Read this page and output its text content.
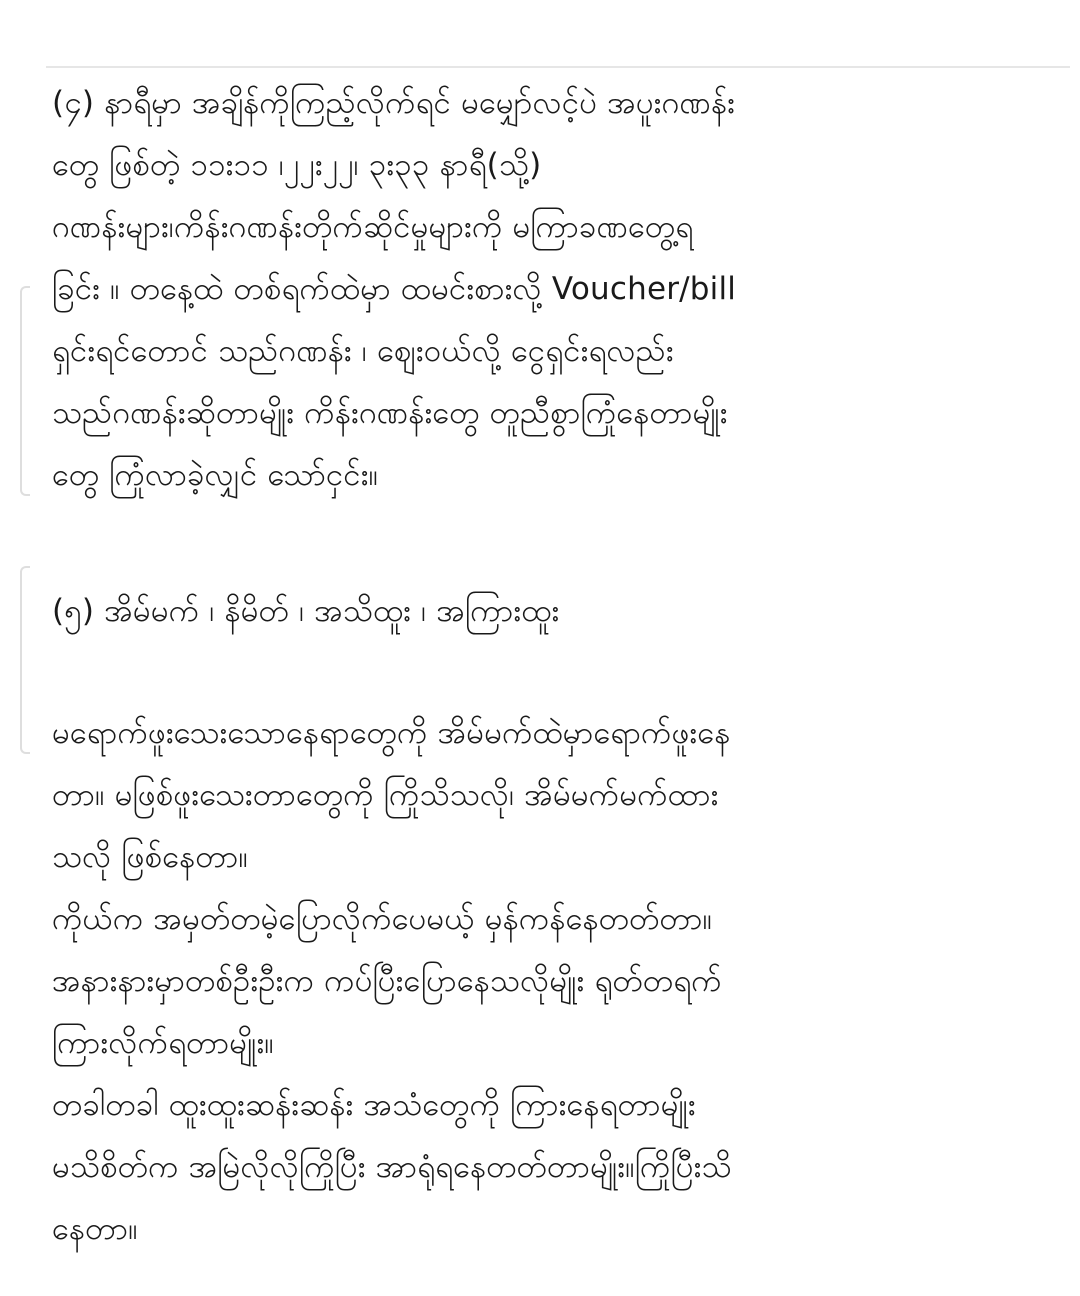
(၄) နာရီမှာ အချိန်ကိုကြည့်လိုက်ရင် မမျှော်လင့်ပဲ အပူးဂဏန်း
တွေ ဖြစ်တဲ့ ၁၁း၁၁ ၊၂၂း၂၂၊ ၃း၃၃ နာရီ(သို့)
ဂဏန်းများ၊ကိန်းဂဏန်းတိုက်ဆိုင်မှုများကို မကြာခဏတွေ့ရ
ခြင်း ။ တနေ့ထဲ တစ်ရက်ထဲမှာ ထမင်းစားလို့ Voucher/bill
ရှင်းရင်တောင် သည်ဂဏန်း ၊ ဈေးဝယ်လို့ ငွေရှင်းရလည်း
သည်ဂဏန်းဆိုတာမျိုး ကိန်းဂဏန်းတွေ တူညီစွာကြုံနေတာမျိုး
တွေ ကြုံလာခဲ့လျှင် သော်ငှင်း။
(၅) အိမ်မက် ၊ နိမိတ် ၊ အသိထူး ၊ အကြားထူး
မရောက်ဖူးသေးသောနေရာတွေကို အိမ်မက်ထဲမှာရောက်ဖူးနေ
တာ။ မဖြစ်ဖူးသေးတာတွေကို ကြိုသိသလို၊ အိမ်မက်မက်ထား
သလို ဖြစ်နေတာ။
ကိုယ်က အမှတ်တမဲ့ပြောလိုက်ပေမယ့် မှန်ကန်နေတတ်တာ။
အနားနားမှာတစ်ဦးဦးက ကပ်ပြီးပြောနေသလိုမျိုး ရုတ်တရက်
ကြားလိုက်ရတာမျိုး။
တခါတခါ ထူးထူးဆန်းဆန်း အသံတွေကို ကြားနေရတာမျိုး
မသိစိတ်က အမြဲလိုလိုကြိုပြီး အာရုံရနေတတ်တာမျိုး။ကြိုပြီးသိ
နေတာ။
